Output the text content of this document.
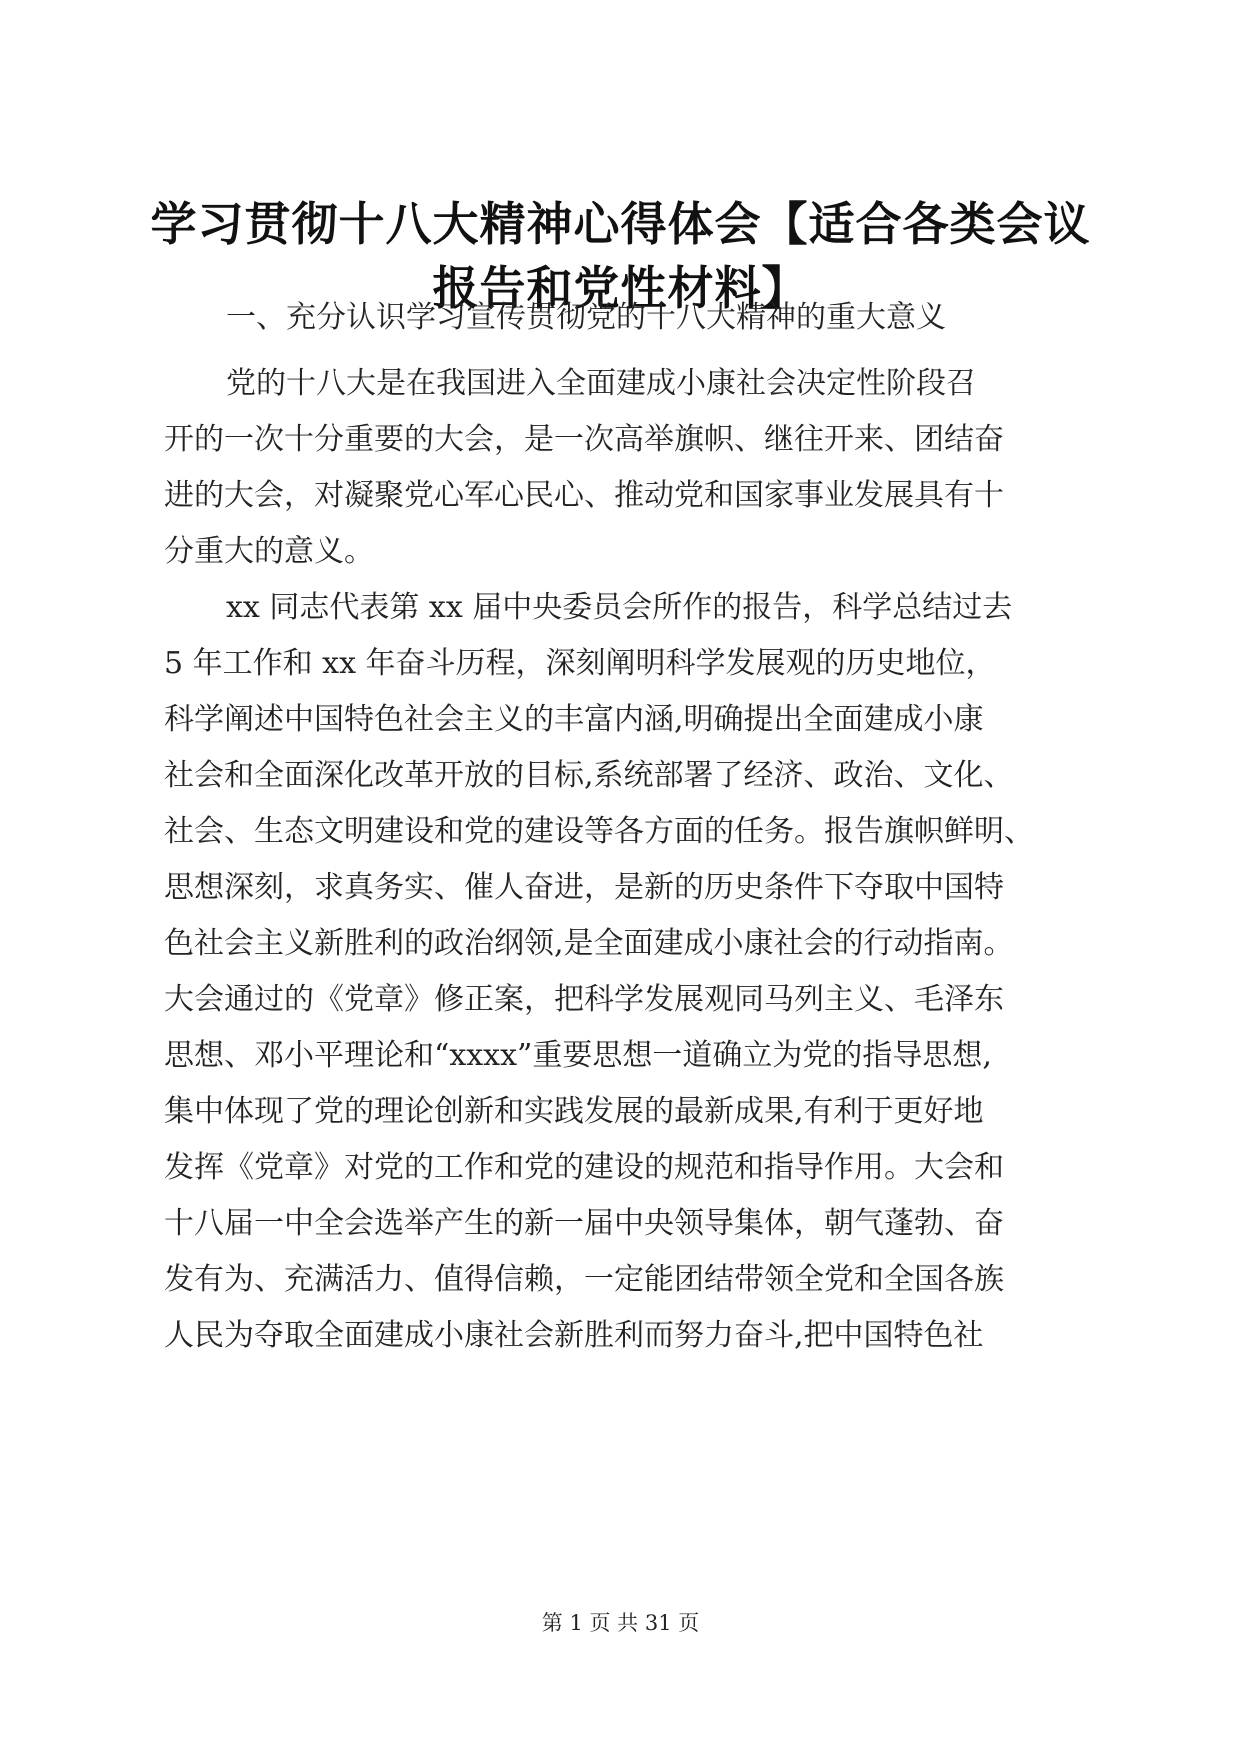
学习贯彻十八大精神心得体会【适合各类会议
报告和党性材料】
一、充分认识学习宣传贯彻党的十八大精神的重大意义
党的十八大是在我国进入全面建成小康社会决定性阶段召
开的一次十分重要的大会，是一次高举旗帜、继往开来、团结奋
进的大会，对凝聚党心军心民心、推动党和国家事业发展具有十
分重大的意义。
xx 同志代表第 xx 届中央委员会所作的报告，科学总结过去
5 年工作和 xx 年奋斗历程，深刻阐明科学发展观的历史地位，
科学阐述中国特色社会主义的丰富内涵,明确提出全面建成小康
社会和全面深化改革开放的目标,系统部署了经济、政治、文化、
社会、生态文明建设和党的建设等各方面的任务。报告旗帜鲜明、
思想深刻，求真务实、催人奋进，是新的历史条件下夺取中国特
色社会主义新胜利的政治纲领,是全面建成小康社会的行动指南。
大会通过的《党章》修正案，把科学发展观同马列主义、毛泽东
思想、邓小平理论和“xxxx”重要思想一道确立为党的指导思想,
集中体现了党的理论创新和实践发展的最新成果,有利于更好地
发挥《党章》对党的工作和党的建设的规范和指导作用。大会和
十八届一中全会选举产生的新一届中央领导集体，朝气蓬勃、奋
发有为、充满活力、值得信赖，一定能团结带领全党和全国各族
人民为夺取全面建成小康社会新胜利而努力奋斗,把中国特色社
第 1 页 共 31 页
